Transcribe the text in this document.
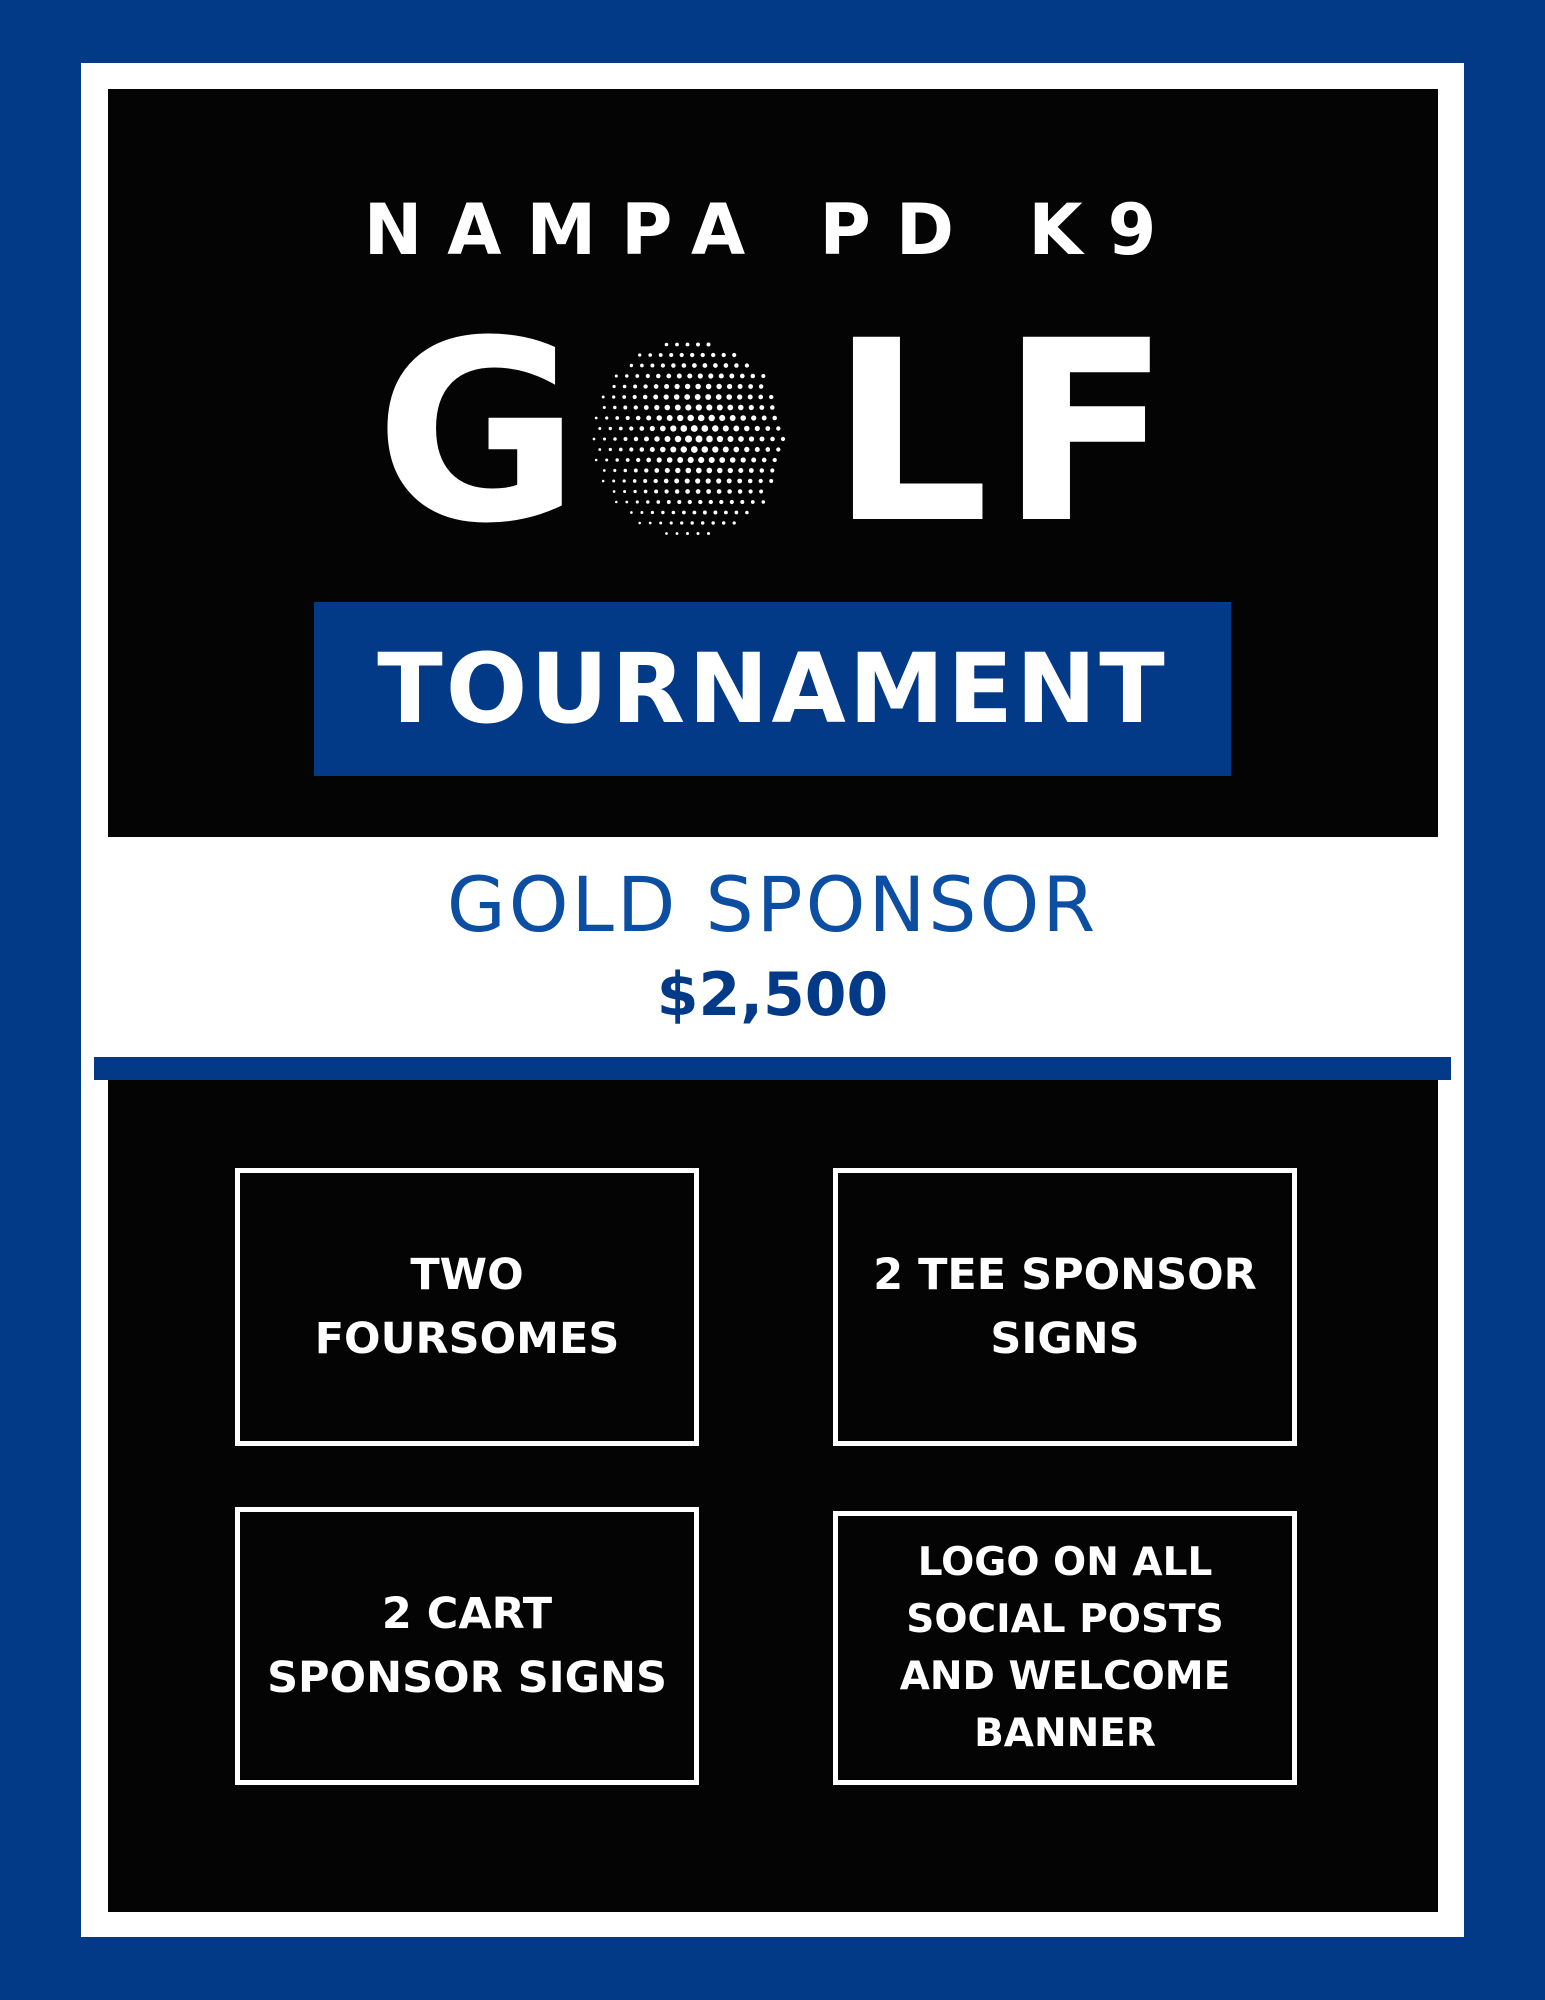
NAMPA PD K9
G L F
TOURNAMENT
GOLD SPONSOR
$2,500
TWO FOURSOMES
2 TEE SPONSOR SIGNS
2 CART SPONSOR SIGNS
LOGO ON ALL SOCIAL POSTS AND WELCOME BANNER
